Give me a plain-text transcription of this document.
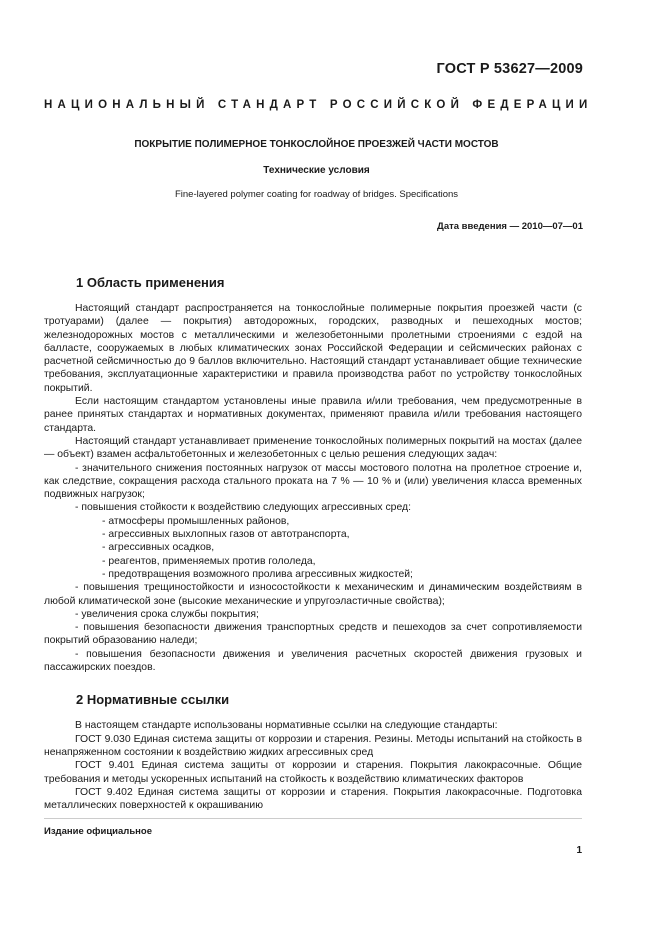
ГОСТ Р 53627—2009
НАЦИОНАЛЬНЫЙ СТАНДАРТ РОССИЙСКОЙ ФЕДЕРАЦИИ
ПОКРЫТИЕ ПОЛИМЕРНОЕ ТОНКОСЛОЙНОЕ ПРОЕЗЖЕЙ ЧАСТИ МОСТОВ
Технические условия
Fine-layered polymer coating for roadway of bridges. Specifications
Дата введения — 2010—07—01
1 Область применения

Настоящий стандарт распространяется на тонкослойные полимерные покрытия проезжей части (с тротуарами) (далее — покрытия) автодорожных, городских, разводных и пешеходных мостов; железнодорожных мостов с металлическими и железобетонными пролетными строениями с ездой на балласте, сооружаемых в любых климатических зонах Российской Федерации и сейсмических районах с расчетной сейсмичностью до 9 баллов включительно. Настоящий стандарт устанавливает общие технические требования, эксплуатационные характеристики и правила производства работ по устройству тонкослойных покрытий.

Если настоящим стандартом установлены иные правила и/или требования, чем предусмотренные в ранее принятых стандартах и нормативных документах, применяют правила и/или требования настоящего стандарта.

Настоящий стандарт устанавливает применение тонкослойных полимерных покрытий на мостах (далее — объект) взамен асфальтобетонных и железобетонных с целью решения следующих задач:

- значительного снижения постоянных нагрузок от массы мостового полотна на пролетное строение и, как следствие, сокращения расхода стального проката на 7 % — 10 % и (или) увеличения класса временных подвижных нагрузок;

- повышения стойкости к воздействию следующих агрессивных сред:

- атмосферы промышленных районов,

- агрессивных выхлопных газов от автотранспорта,

- агрессивных осадков,

- реагентов, применяемых против гололеда,

- предотвращения возможного пролива агрессивных жидкостей;

- повышения трещиностойкости и износостойкости к механическим и динамическим воздействиям в любой климатической зоне (высокие механические и упругоэластичные свойства);

- увеличения срока службы покрытия;

- повышения безопасности движения транспортных средств и пешеходов за счет сопротивляемости покрытий образованию наледи;

- повышения безопасности движения и увеличения расчетных скоростей движения грузовых и пассажирских поездов.

2 Нормативные ссылки

В настоящем стандарте использованы нормативные ссылки на следующие стандарты:

ГОСТ 9.030 Единая система защиты от коррозии и старения. Резины. Методы испытаний на стойкость в ненапряженном состоянии к воздействию жидких агрессивных сред

ГОСТ 9.401 Единая система защиты от коррозии и старения. Покрытия лакокрасочные. Общие требования и методы ускоренных испытаний на стойкость к воздействию климатических факторов

ГОСТ 9.402 Единая система защиты от коррозии и старения. Покрытия лакокрасочные. Подготовка металлических поверхностей к окрашиванию

Издание официальное
1
